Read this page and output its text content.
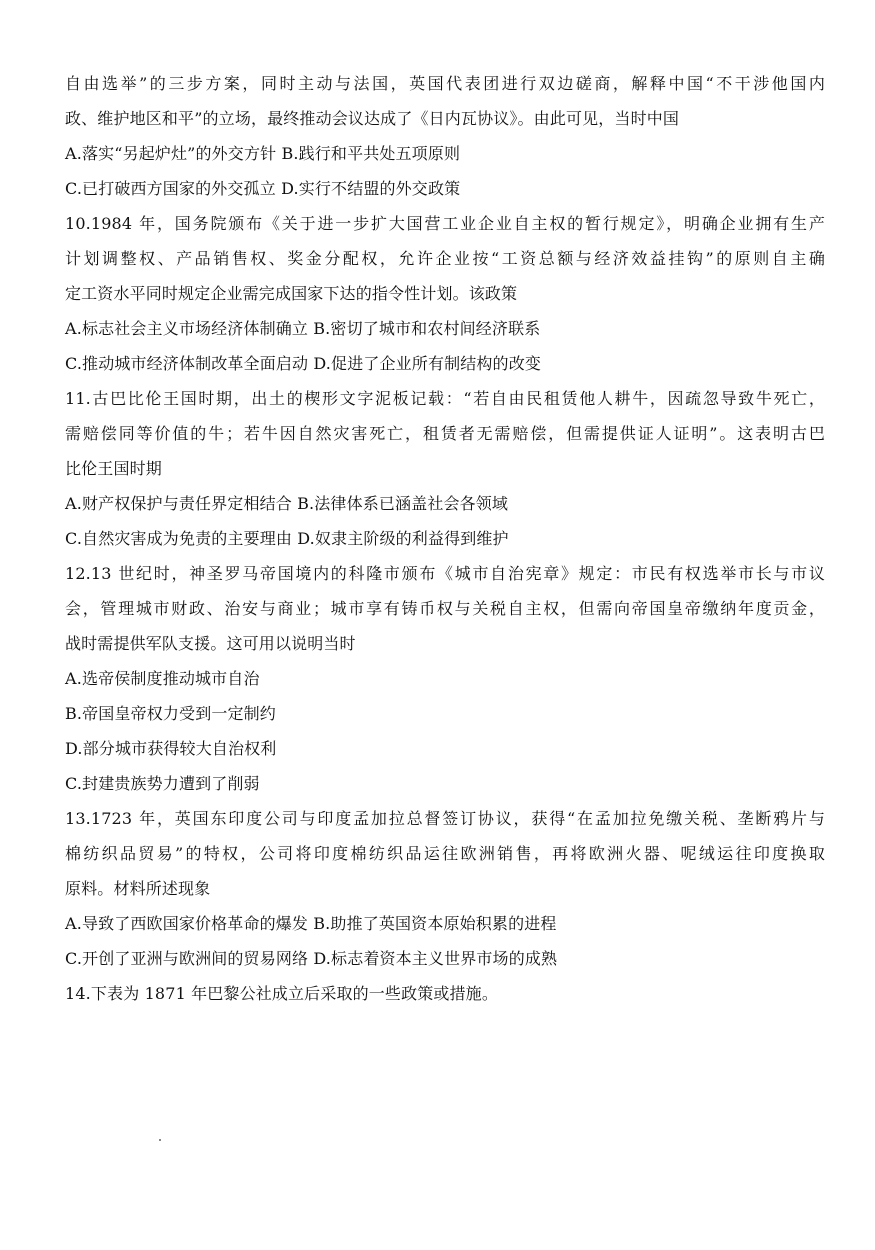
自由选举”的三步方案，同时主动与法国，英国代表团进行双边磋商，解释中国“不干涉他国内
政、维护地区和平”的立场，最终推动会议达成了《日内瓦协议》。由此可见，当时中国
A.落实“另起炉灶”的外交方针 B.践行和平共处五项原则
C.已打破西方国家的外交孤立 D.实行不结盟的外交政策
10.1984 年，国务院颁布《关于进一步扩大国营工业企业自主权的暂行规定》，明确企业拥有生产
计划调整权、产品销售权、奖金分配权，允许企业按“工资总额与经济效益挂钩”的原则自主确
定工资水平同时规定企业需完成国家下达的指令性计划。该政策
A.标志社会主义市场经济体制确立 B.密切了城市和农村间经济联系
C.推动城市经济体制改革全面启动 D.促进了企业所有制结构的改变
11.古巴比伦王国时期，出土的楔形文字泥板记载：“若自由民租赁他人耕牛，因疏忽导致牛死亡，
需赔偿同等价值的牛；若牛因自然灾害死亡，租赁者无需赔偿，但需提供证人证明”。这表明古巴
比伦王国时期
A.财产权保护与责任界定相结合 B.法律体系已涵盖社会各领域
C.自然灾害成为免责的主要理由 D.奴隶主阶级的利益得到维护
12.13 世纪时，神圣罗马帝国境内的科隆市颁布《城市自治宪章》规定：市民有权选举市长与市议
会，管理城市财政、治安与商业；城市享有铸币权与关税自主权，但需向帝国皇帝缴纳年度贡金，
战时需提供军队支援。这可用以说明当时
A.选帝侯制度推动城市自治
B.帝国皇帝权力受到一定制约
D.部分城市获得较大自治权利
C.封建贵族势力遭到了削弱
13.1723 年，英国东印度公司与印度孟加拉总督签订协议，获得“在孟加拉免缴关税、垄断鸦片与
棉纺织品贸易”的特权，公司将印度棉纺织品运往欧洲销售，再将欧洲火器、呢绒运往印度换取
原料。材料所述现象
A.导致了西欧国家价格革命的爆发 B.助推了英国资本原始积累的进程
C.开创了亚洲与欧洲间的贸易网络 D.标志着资本主义世界市场的成熟
14.下表为 1871 年巴黎公社成立后采取的一些政策或措施。
